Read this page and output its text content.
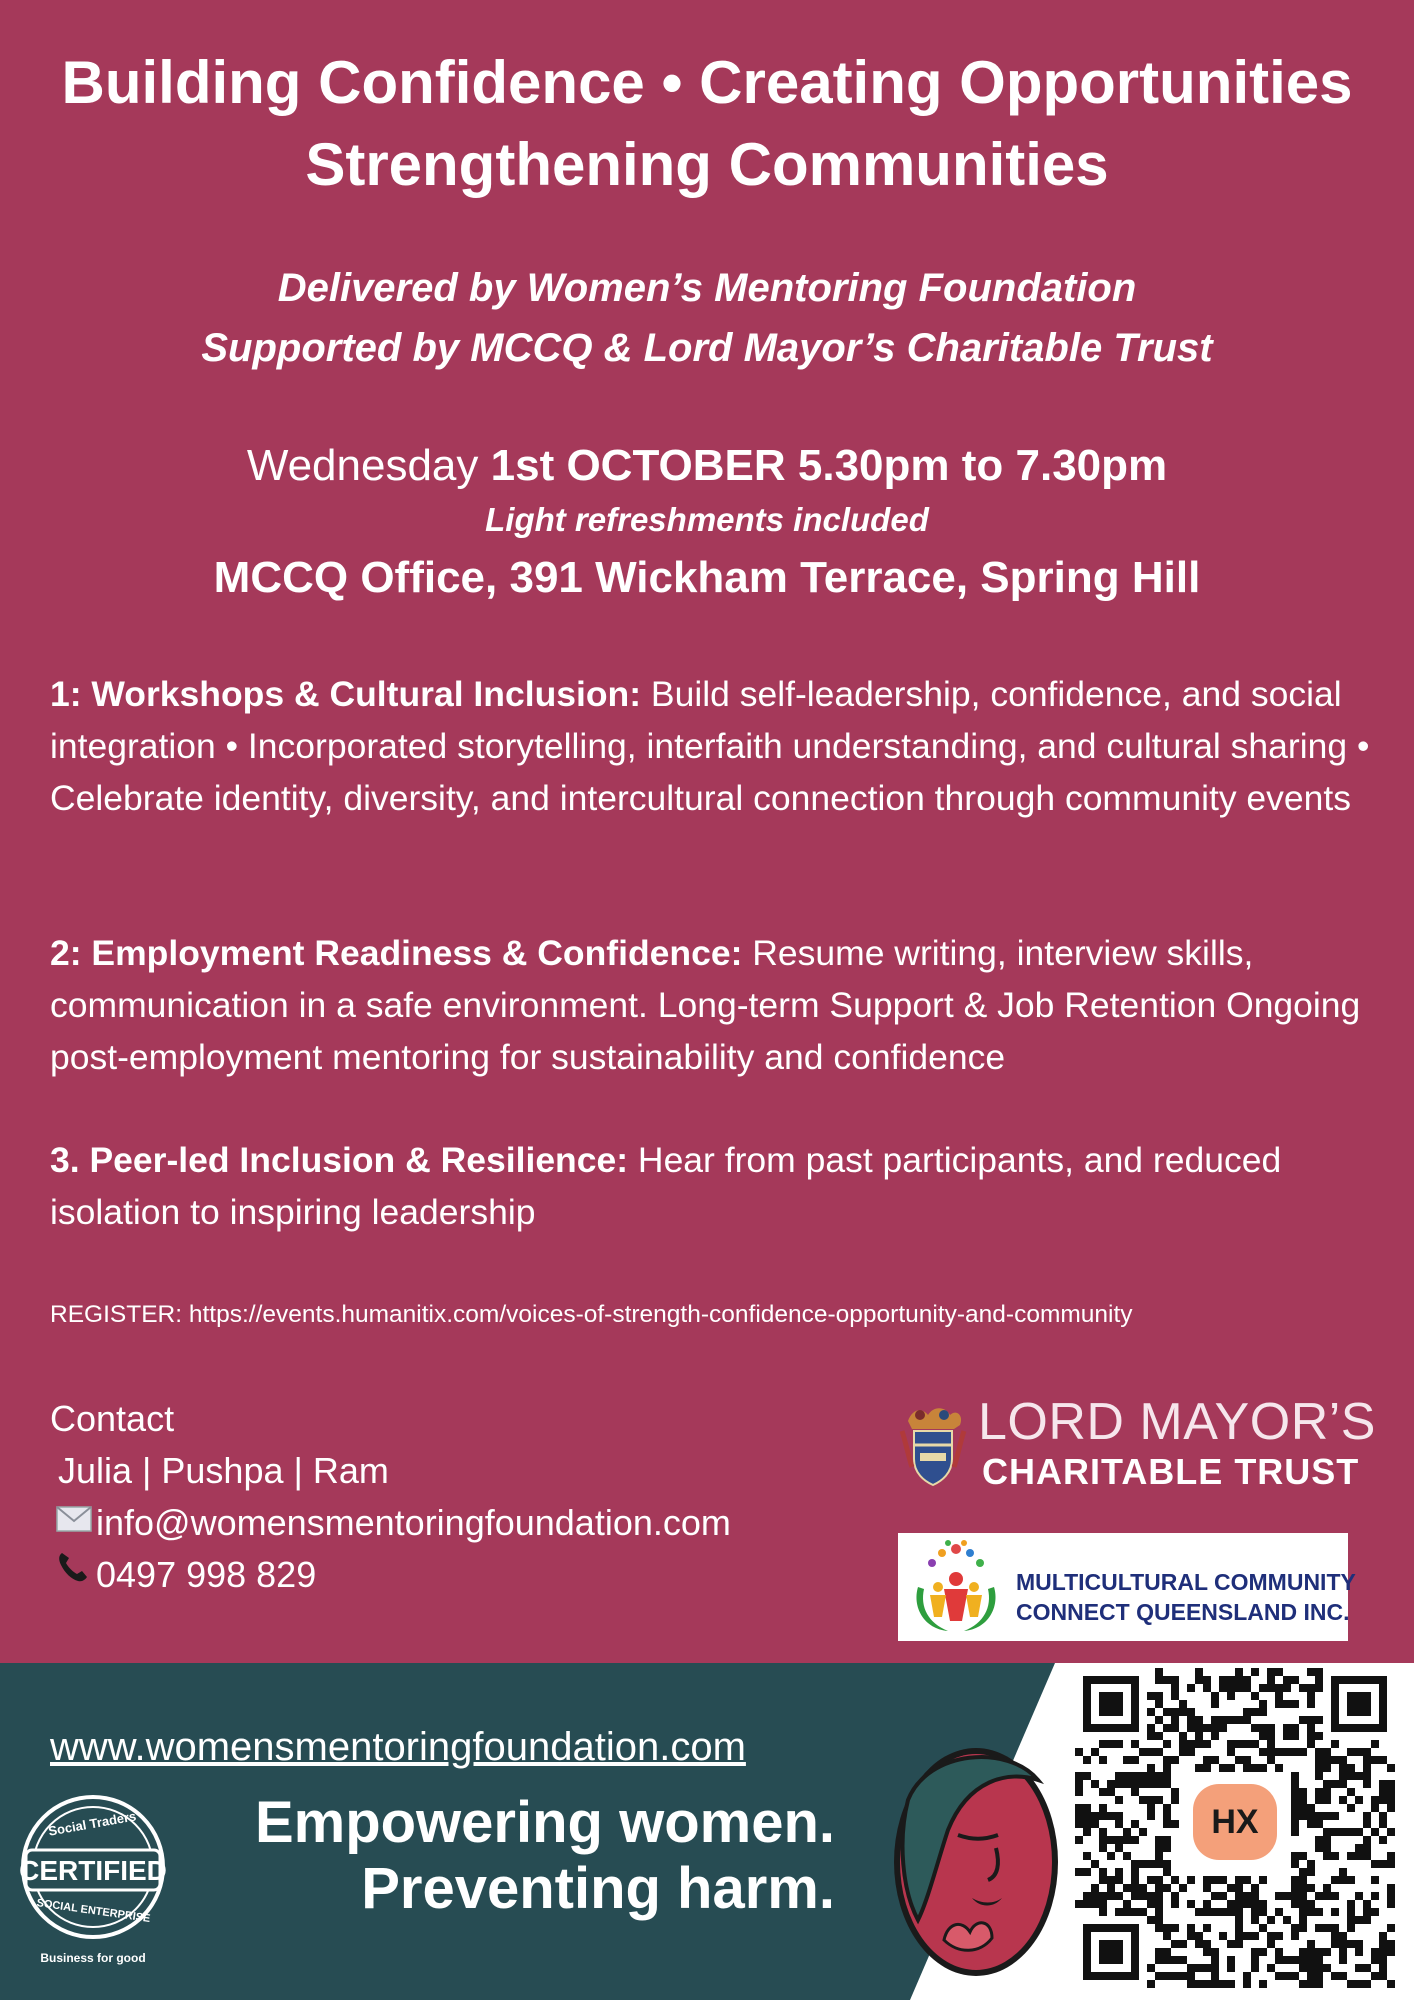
Building Confidence • Creating Opportunities
Strengthening Communities
Delivered by Women’s Mentoring Foundation
Supported by MCCQ & Lord Mayor’s Charitable Trust
Wednesday 1st OCTOBER 5.30pm to 7.30pm
Light refreshments included
MCCQ Office, 391 Wickham Terrace, Spring Hill
1: Workshops & Cultural Inclusion: Build self-leadership, confidence, and social integration • Incorporated storytelling, interfaith understanding, and cultural sharing • Celebrate identity, diversity, and intercultural connection through community events
2: Employment Readiness & Confidence: Resume writing, interview skills, communication in a safe environment. Long-term Support & Job Retention Ongoing post-employment mentoring for sustainability and confidence
3. Peer-led Inclusion & Resilience: Hear from past participants, and reduced isolation to inspiring leadership
REGISTER: https://events.humanitix.com/voices-of-strength-confidence-opportunity-and-community
Contact
Julia | Pushpa | Ram
info@womensmentoringfoundation.com
0497 998 829
LORD MAYOR’S
CHARITABLE TRUST
MULTICULTURAL COMMUNITY
CONNECT QUEENSLAND INC.
www.womensmentoringfoundation.com
Empowering women.
Preventing harm.
CERTIFIED
Social Traders
SOCIAL ENTERPRISE
Business for good
HX
